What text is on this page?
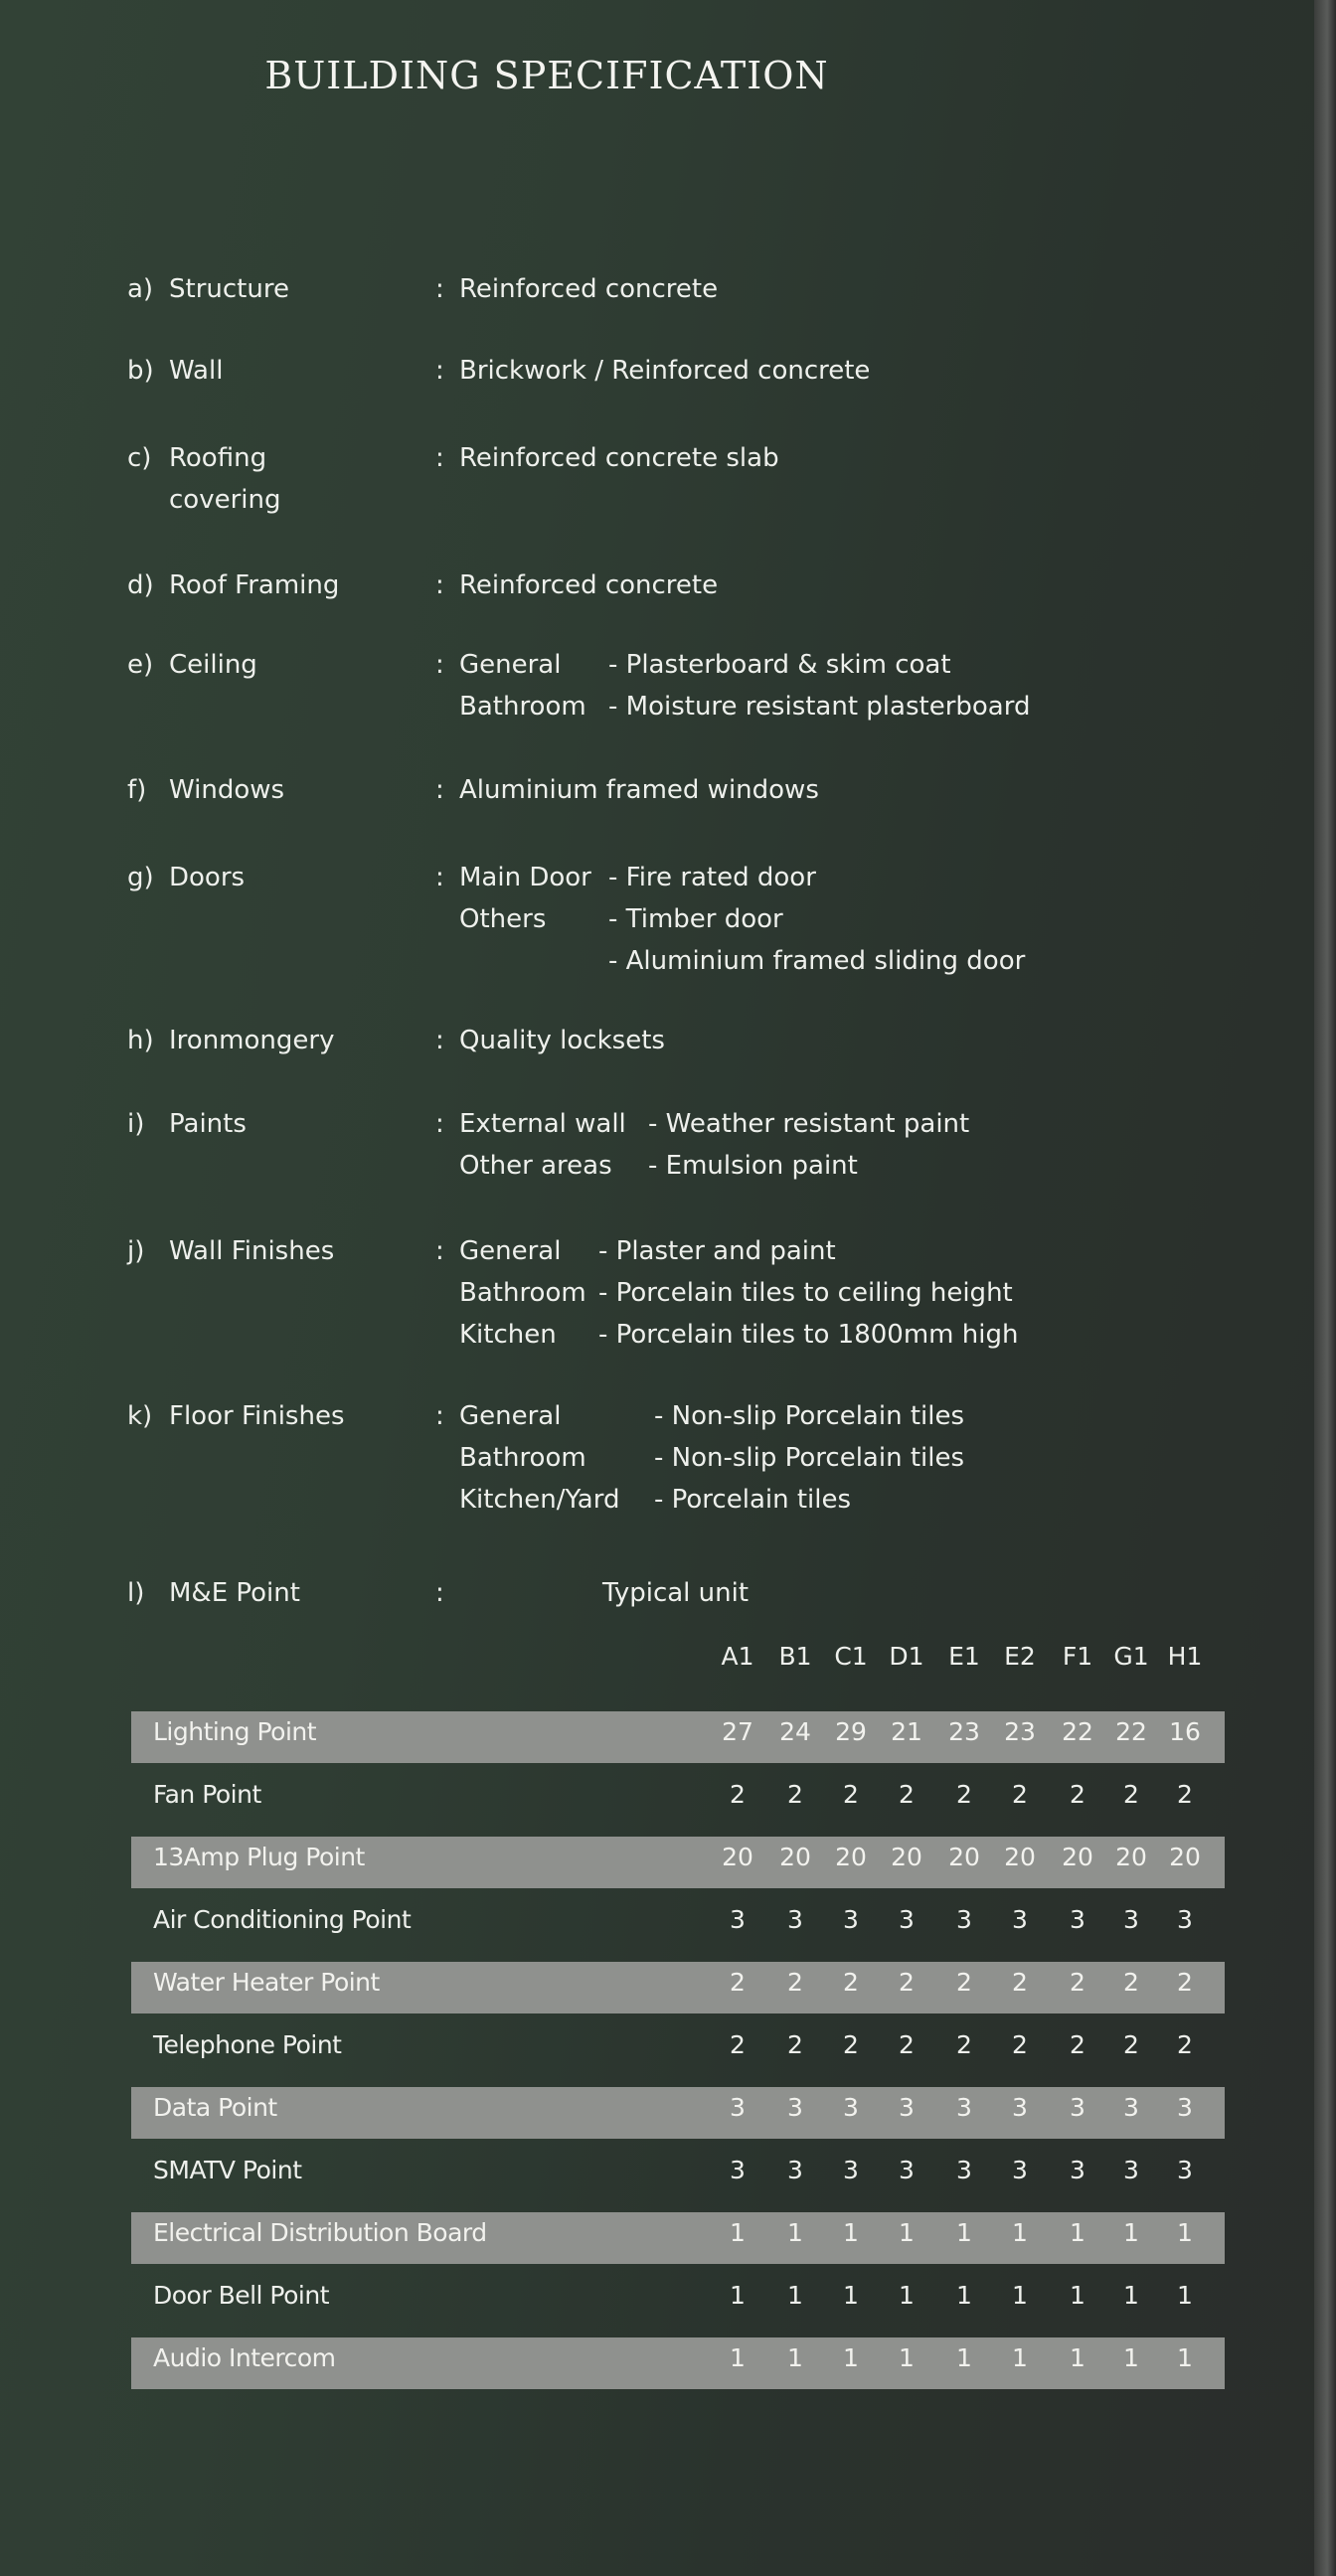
BUILDING SPECIFICATION
a) Structure	: Reinforced concrete
b) Wall	: Brickwork / Reinforced concrete
c) Roofing
covering
: Reinforced concrete slab
d) Roof Framing	: Reinforced concrete
e) Ceiling	: General - Plasterboard & skim coat
Bathroom - Moisture resistant plasterboard
f) Windows	: Aluminium framed windows
g) Doors	: Main Door - Fire rated door
Others - Timber door
- Aluminium framed sliding door
h) Ironmongery	: Quality locksets
i) Paints	: External wall - Weather resistant paint
Other areas - Emulsion paint
j) Wall Finishes	: General - Plaster and paint
Bathroom - Porcelain tiles to ceiling height
Kitchen - Porcelain tiles to 1800mm high
k) Floor Finishes	: General	- Non-slip Porcelain tiles
Bathroom	- Non-slip Porcelain tiles
Kitchen/Yard - Porcelain tiles
l) M&E Point	:	Typical unit
A1 B1 C1 D1 E1 E2	F1 G1 H1
Lighting Point	27	24 29 21	23 23	22 22 16
Fan Point	2	2	2	2	2	2	2	2	2
13Amp Plug Point	20	20 20 20	20 20	20 20 20
Air Conditioning Point	3	3	3	3	3	3	3	3	3
Water Heater Point	2	2	2	2	2	2	2	2	2
Telephone Point	2	2	2	2	2	2	2	2	2
Data Point	3	3	3	3	3	3	3	3	3
SMATV Point	3	3	3	3	3	3	3	3	3
Electrical Distribution Board	1	1	1	1	1	1	1	1	1
Door Bell Point	1	1	1	1	1	1	1	1	1
Audio Intercom	1	1	1	1	1	1	1	1	1
